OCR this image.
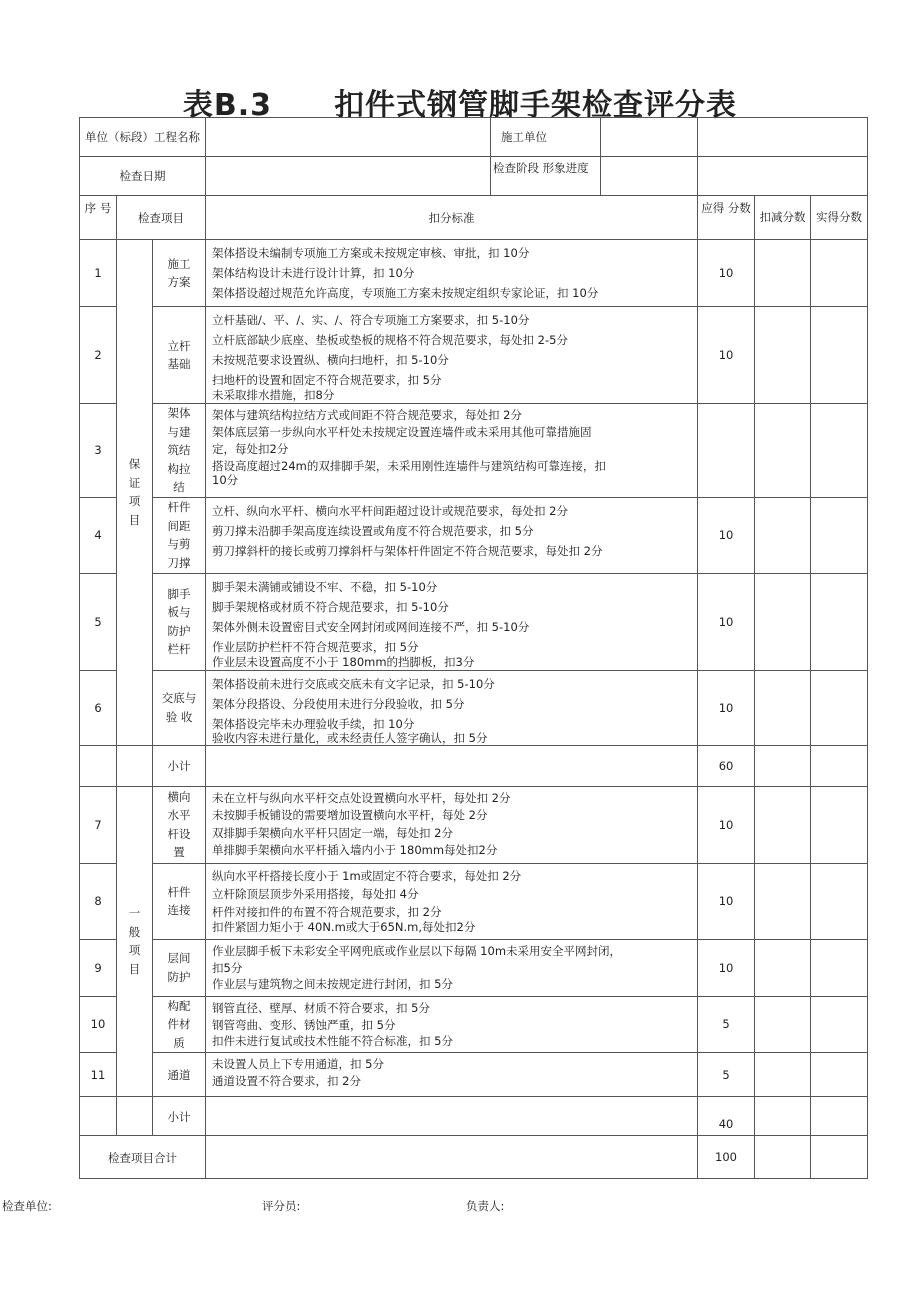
表B.3 扣件式钢管脚手架检查评分表
单位（标段）工程名称			施工单位			

检查日期			检查阶段 形象进度			

序 号	检查项目		扣分标准	应得 分数	扣减分数	实得分数
1	保证项目	施工方案	架体搭设未编制专项施工方案或未按规定审核、审批，扣 10分
架体结构设计未进行设计计算，扣 10分
架体搭设超过规范允许高度，专项施工方案未按规定组织专家论证，扣 10分	10		
2		立杆基础	立杆基础/、平、/、实、/、符合专项施工方案要求，扣 5-10分
立杆底部缺少底座、垫板或垫板的规格不符合规范要求，每处扣 2-5分
未按规范要求设置纵、横向扫地杆，扣 5-10分
扫地杆的设置和固定不符合规范要求，扣 5分
未采取排水措施，扣8分	10		
3		架体与建筑结构拉 结	架体与建筑结构拉结方式或间距不符合规范要求，每处扣 2分
架体底层第一步纵向水平杆处未按规定设置连墙件或未采用其他可靠措施固
定，每处扣2分
搭设高度超过24m的双排脚手架，未采用刚性连墙件与建筑结构可靠连接，扣
10分			

4		杆件间距与剪刀撑	立杆、纵向水平杆、横向水平杆间距超过设计或规范要求，每处扣 2分
剪刀撑未沿脚手架高度连续设置或角度不符合规范要求，扣 5分
剪刀撑斜杆的接长或剪刀撑斜杆与架体杆件固定不符合规范要求，每处扣 2分	10		
5		脚手板与防护栏杆	脚手架未满铺或铺设不牢、不稳，扣 5-10分
脚手架规格或材质不符合规范要求，扣 5-10分
架体外侧未设置密目式安全网封闭或网间连接不严，扣 5-10分
作业层防护栏杆不符合规范要求，扣 5分
作业层未设置高度不小于 180mm的挡脚板，扣3分	10		
6		交底与验 收	架体搭设前未进行交底或交底未有文字记录，扣 5-10分
架体分段搭设、分段使用未进行分段验收，扣 5分
架体搭设完毕未办理验收手续，扣 10分
验收内容未进行量化，或未经责任人签字确认，扣 5分	10		
		小计		60		
7	一般项目	横向水平杆设 置	未在立杆与纵向水平杆交点处设置横向水平杆，每处扣 2分
未按脚手板铺设的需要增加设置横向水平杆，每处 2分
双排脚手架横向水平杆只固定一端，每处扣 2分
单排脚手架横向水平杆插入墙内小于 180mm每处扣2分	10		
8		杆件连接	纵向水平杆搭接长度小于 1m或固定不符合要求，每处扣 2分
立杆除顶层顶步外采用搭接，每处扣 4分
杆件对接扣件的布置不符合规范要求，扣 2分
扣件紧固力矩小于 40N.m或大于65N.m,每处扣2分	10		
9		层间防护	作业层脚手板下未彩安全平网兜底或作业层以下每隔 10m未采用安全平网封闭，
扣5分
作业层与建筑物之间未按规定进行封闭，扣 5分	10		
10		构配件材质	钢管直径、壁厚、材质不符合要求，扣 5分
钢管弯曲、变形、锈蚀严重，扣 5分
扣件未进行复试或技术性能不符合标准，扣 5分	5		
11		通道	未设置人员上下专用通道，扣 5分
通道设置不符合要求，扣 2分	5		
		小计		40		
检查项目合计				100		
检查单位:	评分员:	负责人:
